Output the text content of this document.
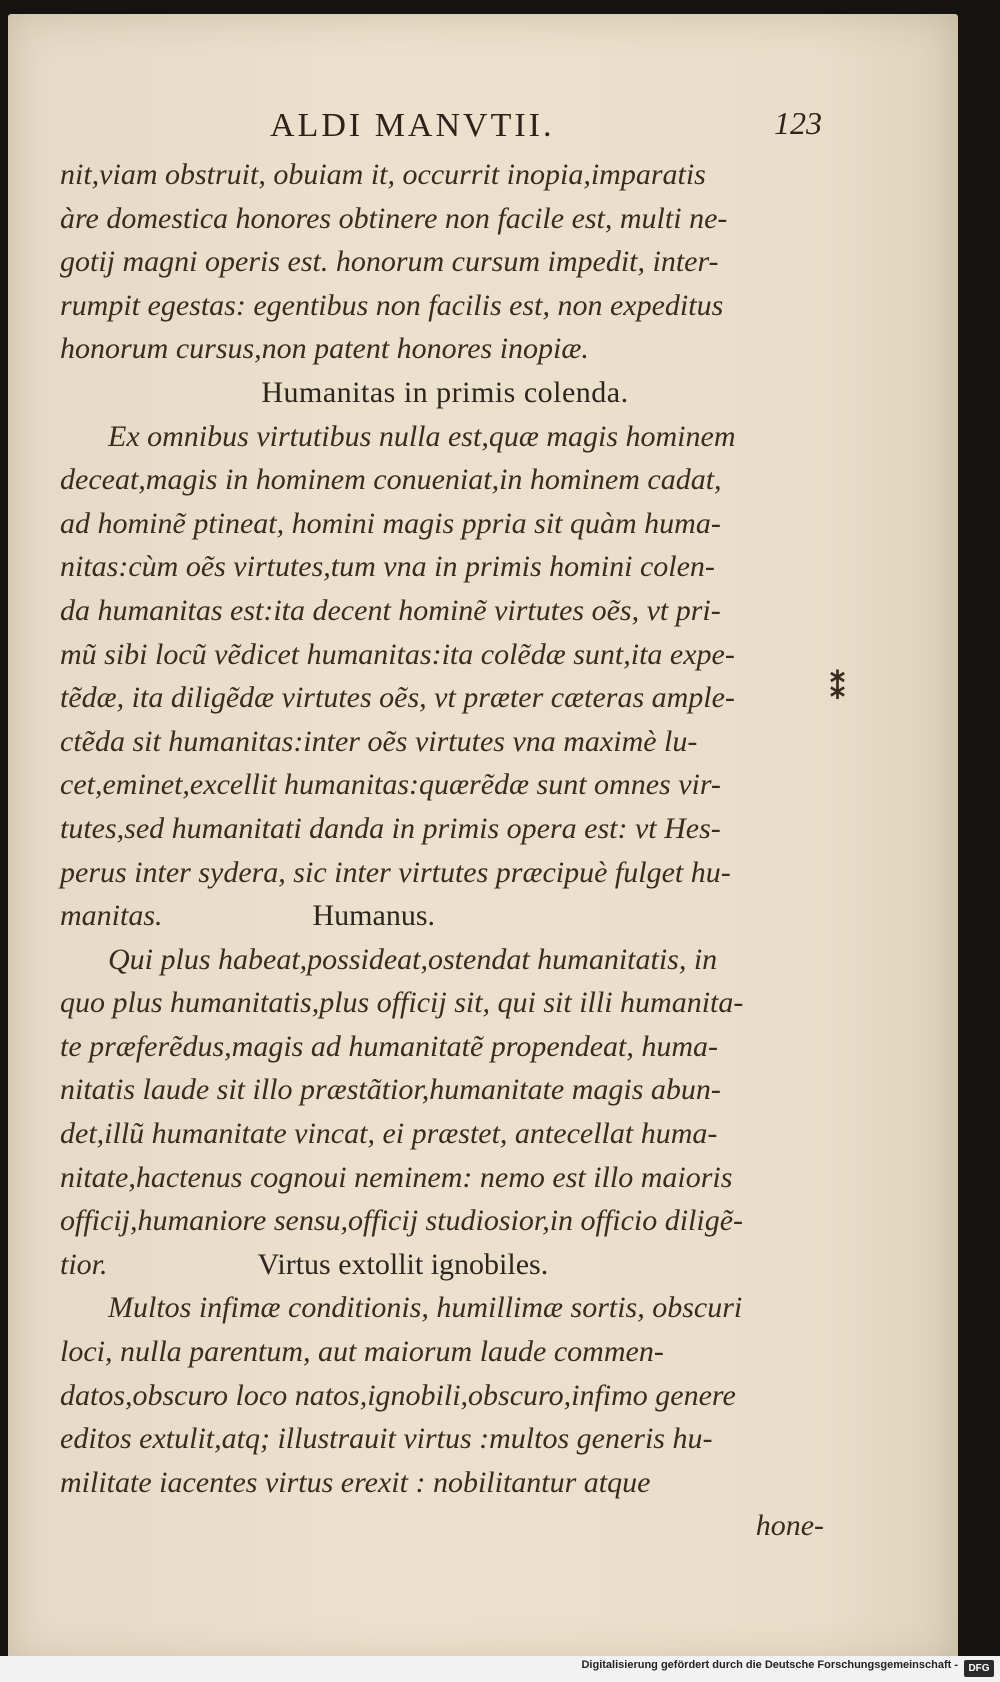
ALDI MANVTII.	123
nit,viam obstruit, obuiam it, occurrit inopia,imparatis
àre domestica honores obtinere non facile est, multi ne-
gotij magni operis est. honorum cursum impedit, inter-
rumpit egestas: egentibus non facilis est, non expeditus
honorum cursus,non patent honores inopiæ.
Humanitas in primis colenda.
Ex omnibus virtutibus nulla est,quæ magis hominem
deceat,magis in hominem conueniat,in hominem cadat,
ad hominẽ ptineat, homini magis ppria sit quàm huma-
nitas:cùm oẽs virtutes,tum vna in primis homini colen-
da humanitas est:ita decent hominẽ virtutes oẽs, vt pri-
mũ sibi locũ vẽdicet humanitas:ita colẽdæ sunt,ita expe-
tẽdæ, ita diligẽdæ virtutes oẽs, vt præter cæteras ample-
ctẽda sit humanitas:inter oẽs virtutes vna maximè lu-
cet,eminet,excellit humanitas:quærẽdæ sunt omnes vir-
tutes,sed humanitati danda in primis opera est: vt Hes-
perus inter sydera, sic inter virtutes præcipuè fulget hu-
manitas.	Humanus.
Qui plus habeat,possideat,ostendat humanitatis, in
quo plus humanitatis,plus officij sit, qui sit illi humanita-
te præferẽdus,magis ad humanitatẽ propendeat, huma-
nitatis laude sit illo præstãtior,humanitate magis abun-
det,illũ humanitate vincat, ei præstet, antecellat huma-
nitate,hactenus cognoui neminem: nemo est illo maioris
officij,humaniore sensu,officij studiosior,in officio diligẽ-
tior.	Virtus extollit ignobiles.
Multos infimæ conditionis, humillimæ sortis, obscuri
loci, nulla parentum, aut maiorum laude commen-
datos,obscuro loco natos,ignobili,obscuro,infimo genere
editos extulit,atq; illustrauit virtus :multos generis hu-
militate iacentes virtus erexit : nobilitantur atque
hone-
⁑
Digitalisierung gefördert durch die Deutsche Forschungsgemeinschaft -	DFG
